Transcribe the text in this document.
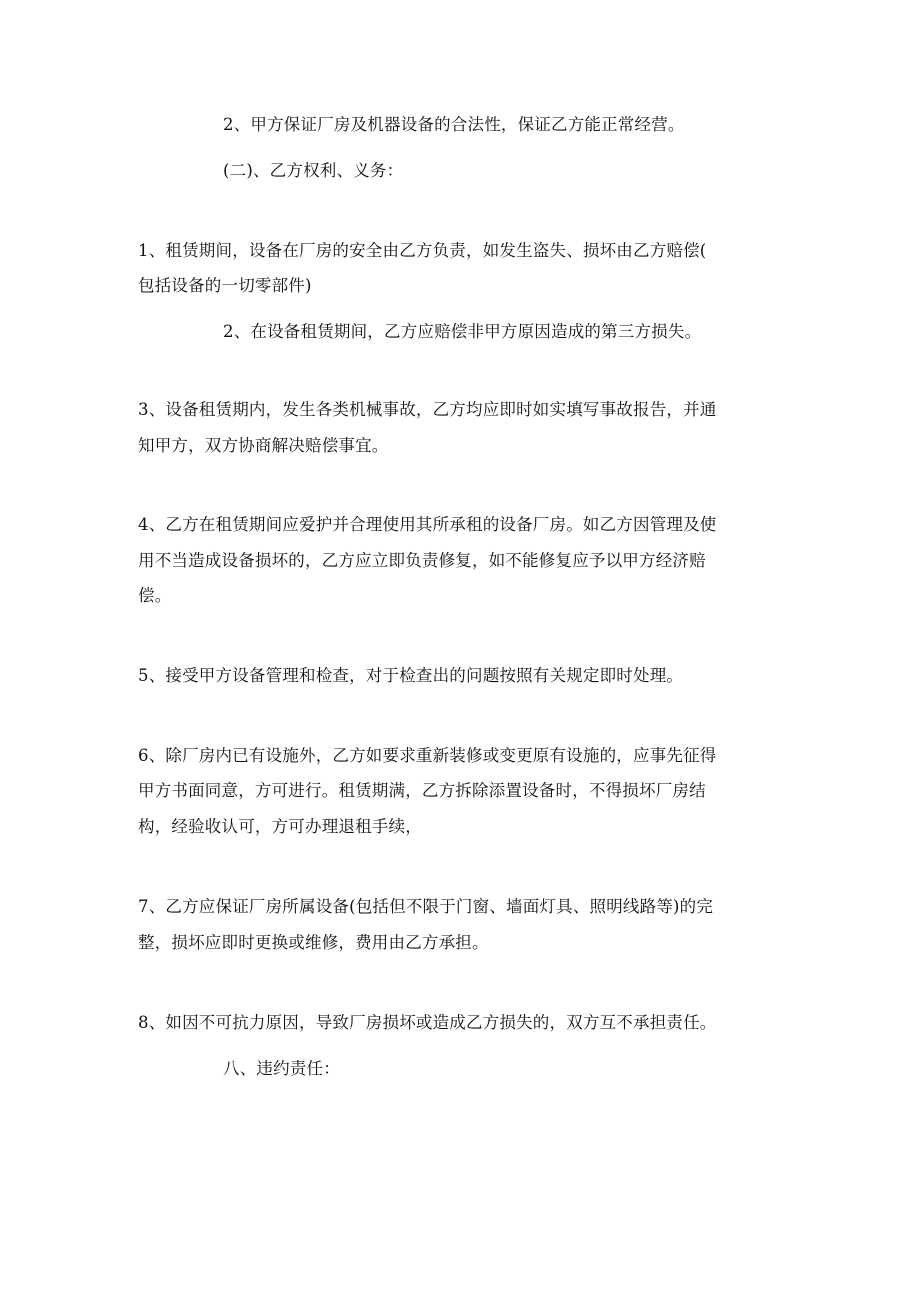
2、甲方保证厂房及机器设备的合法性，保证乙方能正常经营。
(二)、乙方权利、义务：
1、租赁期间，设备在厂房的安全由乙方负责，如发生盗失、损坏由乙方赔偿(
包括设备的一切零部件)
2、在设备租赁期间，乙方应赔偿非甲方原因造成的第三方损失。
3、设备租赁期内，发生各类机械事故，乙方均应即时如实填写事故报告，并通
知甲方，双方协商解决赔偿事宜。
4、乙方在租赁期间应爱护并合理使用其所承租的设备厂房。如乙方因管理及使
用不当造成设备损坏的，乙方应立即负责修复，如不能修复应予以甲方经济赔
偿。
5、接受甲方设备管理和检查，对于检查出的问题按照有关规定即时处理。
6、除厂房内已有设施外，乙方如要求重新装修或变更原有设施的，应事先征得
甲方书面同意，方可进行。租赁期满，乙方拆除添置设备时，不得损坏厂房结
构，经验收认可，方可办理退租手续，
7、乙方应保证厂房所属设备(包括但不限于门窗、墙面灯具、照明线路等)的完
整，损坏应即时更换或维修，费用由乙方承担。
8、如因不可抗力原因，导致厂房损坏或造成乙方损失的，双方互不承担责任。
八、违约责任：
